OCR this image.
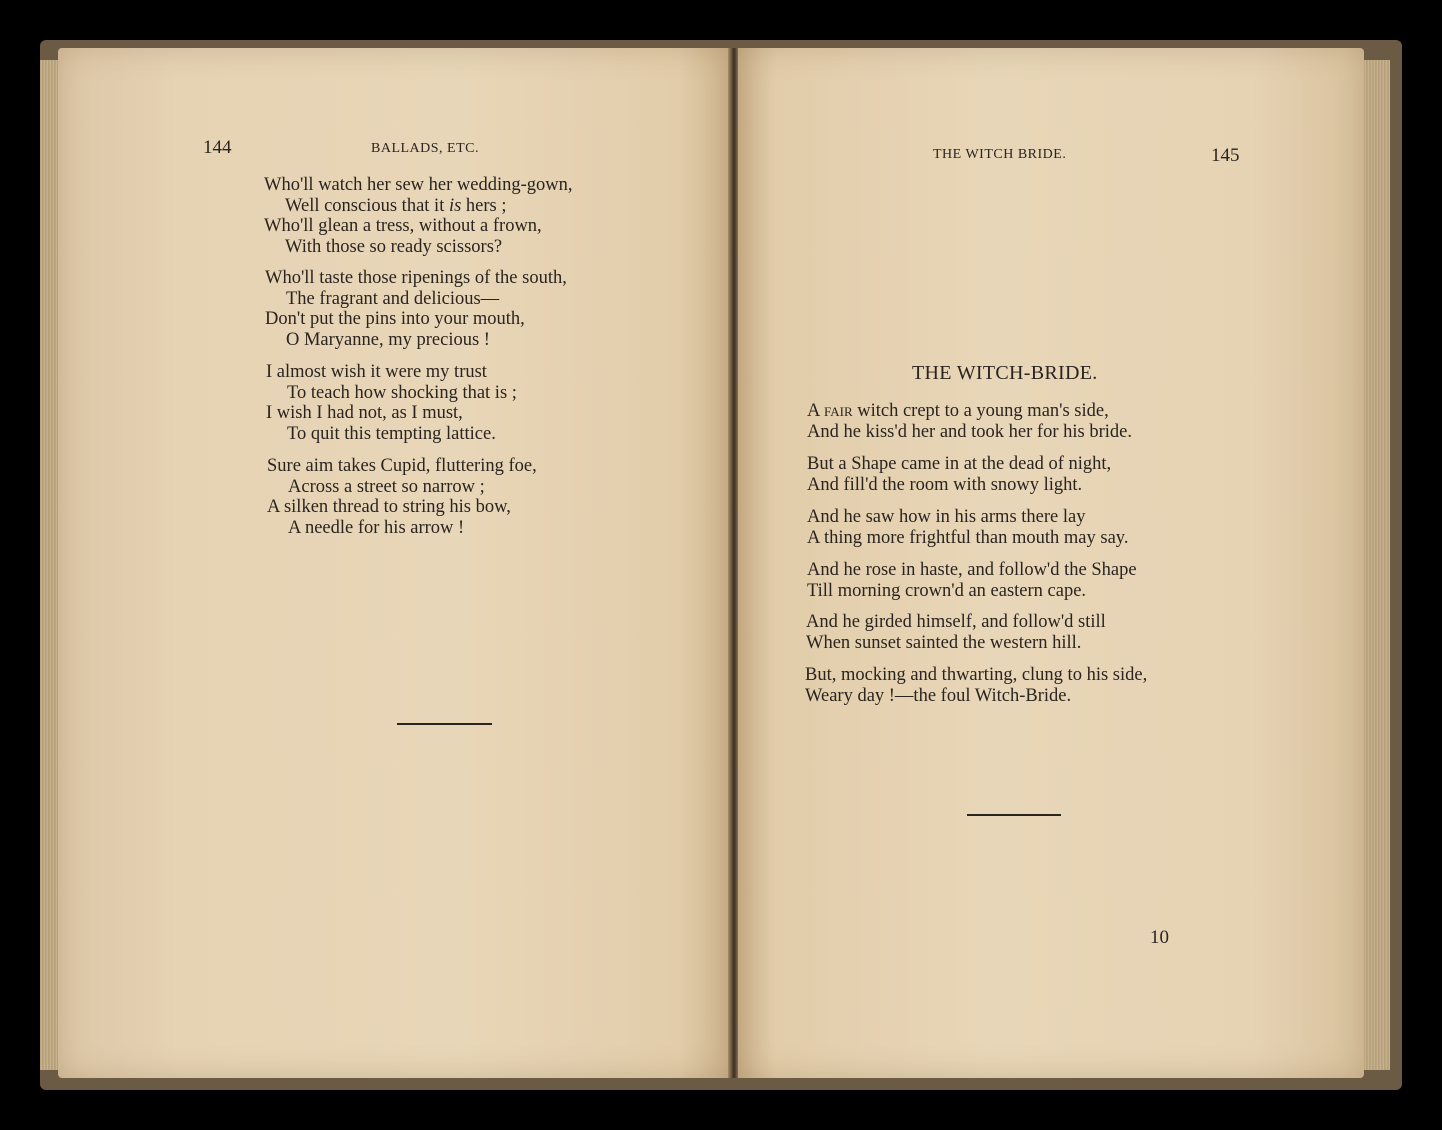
144	BALLADS, ETC.
Who'll watch her sew her wedding-gown,
Well conscious that it is hers ;
Who'll glean a tress, without a frown,
With those so ready scissors?
Who'll taste those ripenings of the south,
The fragrant and delicious—
Don't put the pins into your mouth,
O Maryanne, my precious !
I almost wish it were my trust
To teach how shocking that is ;
I wish I had not, as I must,
To quit this tempting lattice.
Sure aim takes Cupid, fluttering foe,
Across a street so narrow ;
A silken thread to string his bow,
A needle for his arrow !
THE WITCH BRIDE.	145
THE WITCH-BRIDE.
A fair witch crept to a young man's side,
And he kiss'd her and took her for his bride.
But a Shape came in at the dead of night,
And fill'd the room with snowy light.
And he saw how in his arms there lay
A thing more frightful than mouth may say.
And he rose in haste, and follow'd the Shape
Till morning crown'd an eastern cape.
And he girded himself, and follow'd still
When sunset sainted the western hill.
But, mocking and thwarting, clung to his side,
Weary day !—the foul Witch-Bride.
10
